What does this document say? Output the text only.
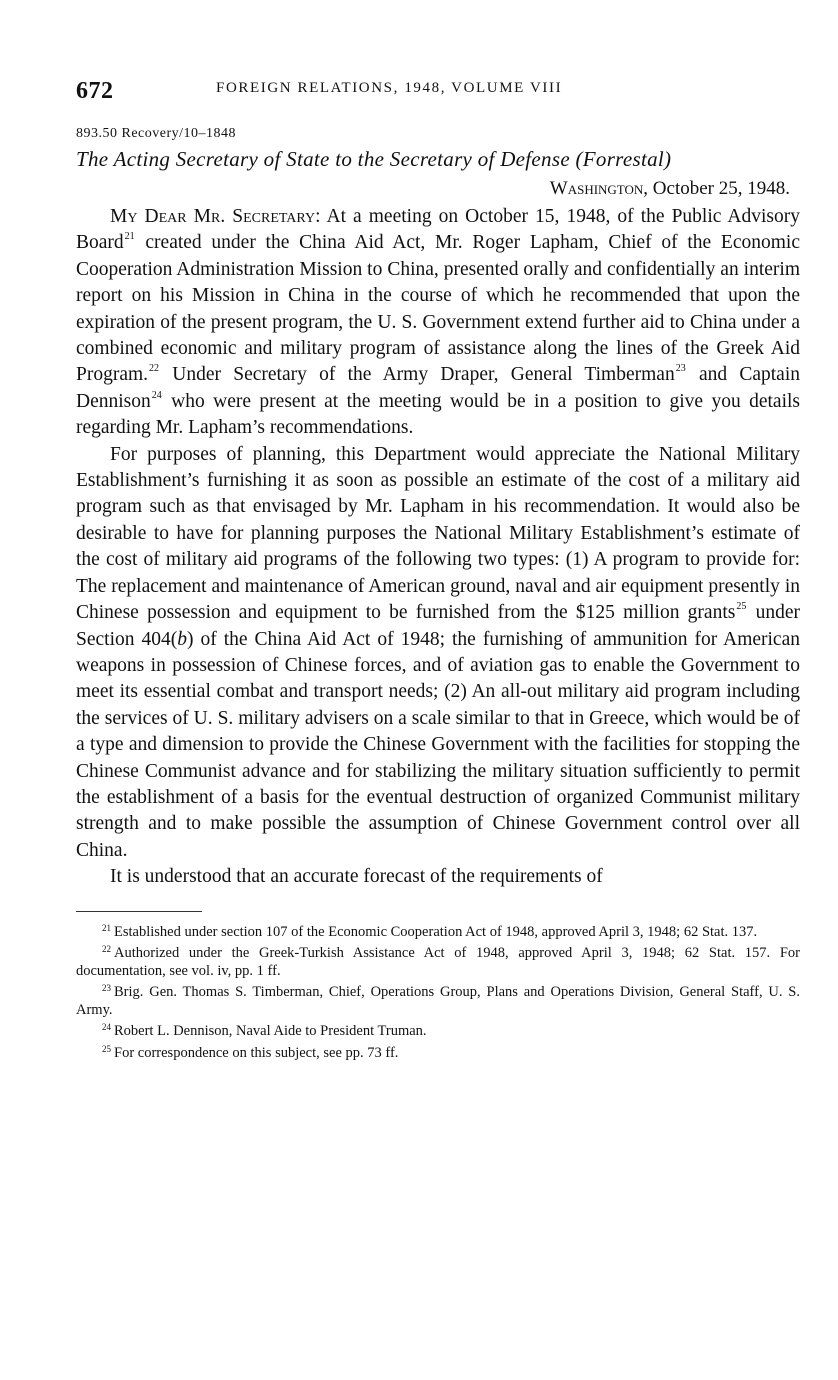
672	FOREIGN RELATIONS, 1948, VOLUME VIII
893.50 Recovery/10–1848
The Acting Secretary of State to the Secretary of Defense (Forrestal)
Washington, October 25, 1948.

My Dear Mr. Secretary: At a meeting on October 15, 1948, of the Public Advisory Board$^{21}$ created under the China Aid Act, Mr. Roger Lapham, Chief of the Economic Cooperation Administration Mission to China, presented orally and confidentially an interim report on his Mission in China in the course of which he recommended that upon the expiration of the present program, the U. S. Government extend further aid to China under a combined economic and military program of assistance along the lines of the Greek Aid Program.$^{22}$ Under Secretary of the Army Draper, General Timberman$^{23}$ and Captain Dennison$^{24}$ who were present at the meeting would be in a position to give you details regarding Mr. Lapham’s recommendations.

For purposes of planning, this Department would appreciate the National Military Establishment’s furnishing it as soon as possible an estimate of the cost of a military aid program such as that envisaged by Mr. Lapham in his recommendation. It would also be desirable to have for planning purposes the National Military Establishment’s estimate of the cost of military aid programs of the following two types: (1) A program to provide for: The replacement and maintenance of American ground, naval and air equipment presently in Chinese possession and equipment to be furnished from the $125 million grants$^{25}$ under Section 404(b) of the China Aid Act of 1948; the furnishing of ammunition for American weapons in possession of Chinese forces, and of aviation gas to enable the Government to meet its essential combat and transport needs; (2) An all-out military aid program including the services of U. S. military advisers on a scale similar to that in Greece, which would be of a type and dimension to provide the Chinese Government with the facilities for stopping the Chinese Communist advance and for stabilizing the military situation sufficiently to permit the establishment of a basis for the eventual destruction of organized Communist military strength and to make possible the assumption of Chinese Government control over all China.

It is understood that an accurate forecast of the requirements of

$^{21}$ Established under section 107 of the Economic Cooperation Act of 1948, approved April 3, 1948; 62 Stat. 137.

$^{22}$ Authorized under the Greek-Turkish Assistance Act of 1948, approved April 3, 1948; 62 Stat. 157. For documentation, see vol. iv, pp. 1 ff.

$^{23}$ Brig. Gen. Thomas S. Timberman, Chief, Operations Group, Plans and Operations Division, General Staff, U. S. Army.

$^{24}$ Robert L. Dennison, Naval Aide to President Truman.

$^{25}$ For correspondence on this subject, see pp. 73 ff.
